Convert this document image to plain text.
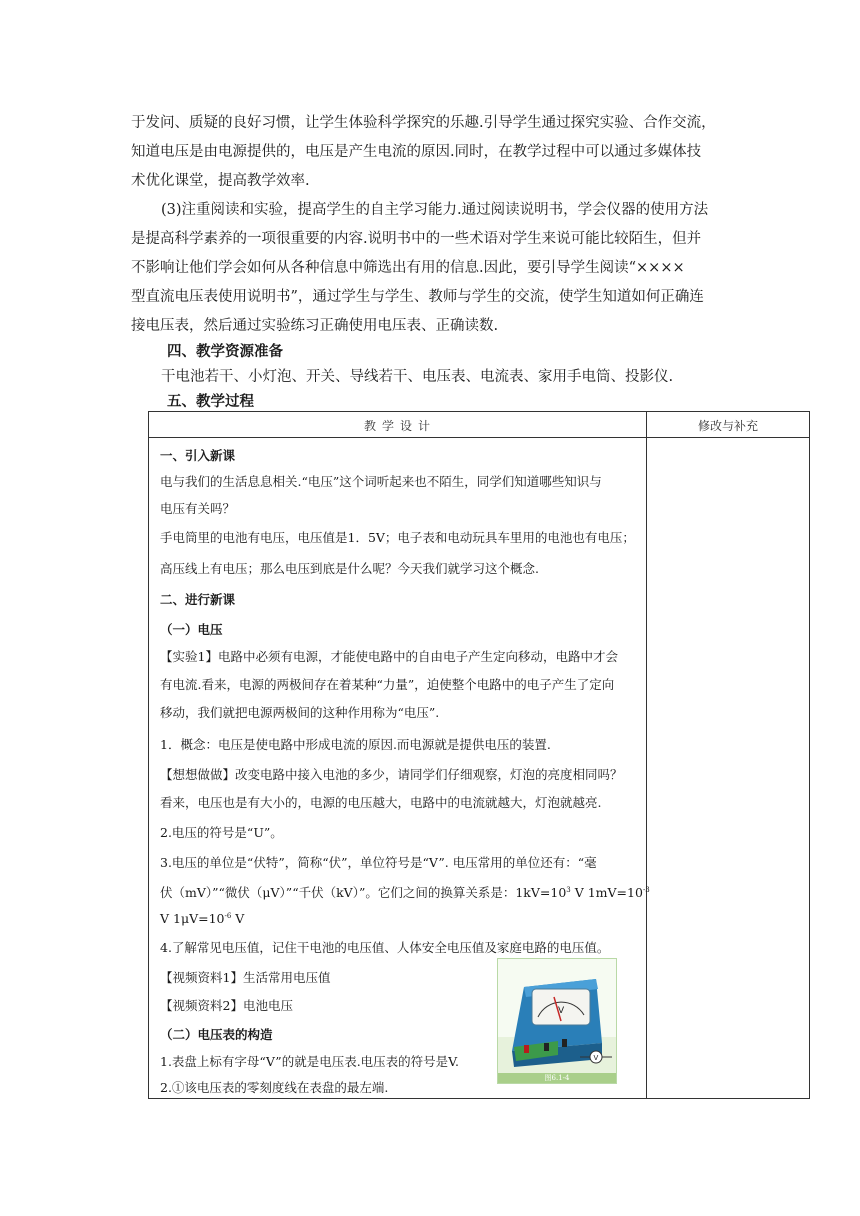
于发问、质疑的良好习惯，让学生体验科学探究的乐趣.引导学生通过探究实验、合作交流，
知道电压是由电源提供的，电压是产生电流的原因.同时，在教学过程中可以通过多媒体技
术优化课堂，提高教学效率.
(3)注重阅读和实验，提高学生的自主学习能力.通过阅读说明书，学会仪器的使用方法
是提高科学素养的一项很重要的内容.说明书中的一些术语对学生来说可能比较陌生，但并
不影响让他们学会如何从各种信息中筛选出有用的信息.因此，要引导学生阅读“××××
型直流电压表使用说明书”，通过学生与学生、教师与学生的交流，使学生知道如何正确连
接电压表，然后通过实验练习正确使用电压表、正确读数.
四、教学资源准备
干电池若干、小灯泡、开关、导线若干、电压表、电流表、家用手电筒、投影仪.
五、教学过程
教学设计	修改与补充
一、引入新课
电与我们的生活息息相关.“电压”这个词听起来也不陌生，同学们知道哪些知识与
电压有关吗？
手电筒里的电池有电压，电压值是1．5V；电子表和电动玩具车里用的电池也有电压；
高压线上有电压；那么电压到底是什么呢？今天我们就学习这个概念.
二、进行新课
（一）电压
【实验1】电路中必须有电源，才能使电路中的自由电子产生定向移动，电路中才会
有电流.看来，电源的两极间存在着某种“力量”，迫使整个电路中的电子产生了定向
移动，我们就把电源两极间的这种作用称为“电压”.
1．概念：电压是使电路中形成电流的原因.而电源就是提供电压的装置.
【想想做做】改变电路中接入电池的多少，请同学们仔细观察，灯泡的亮度相同吗？
看来，电压也是有大小的，电源的电压越大，电路中的电流就越大，灯泡就越亮.
2.电压的符号是“U”。
3.电压的单位是“伏特”，简称“伏”，单位符号是“V”. 电压常用的单位还有：“毫
伏（mV）”“微伏（μV）”“千伏（kV）”。它们之间的换算关系是：$1kV=10^3$ V $1mV=10^{-3}$
V $1\mu V=10^{-6}$ V
4.了解常见电压值，记住干电池的电压值、人体安全电压值及家庭电路的电压值。
【视频资料1】生活常用电压值
【视频资料2】电池电压
（二）电压表的构造
1.表盘上标有字母“V”的就是电压表.电压表的符号是V.
2.①该电压表的零刻度线在表盘的最左端.
V
V
图6.1-4
